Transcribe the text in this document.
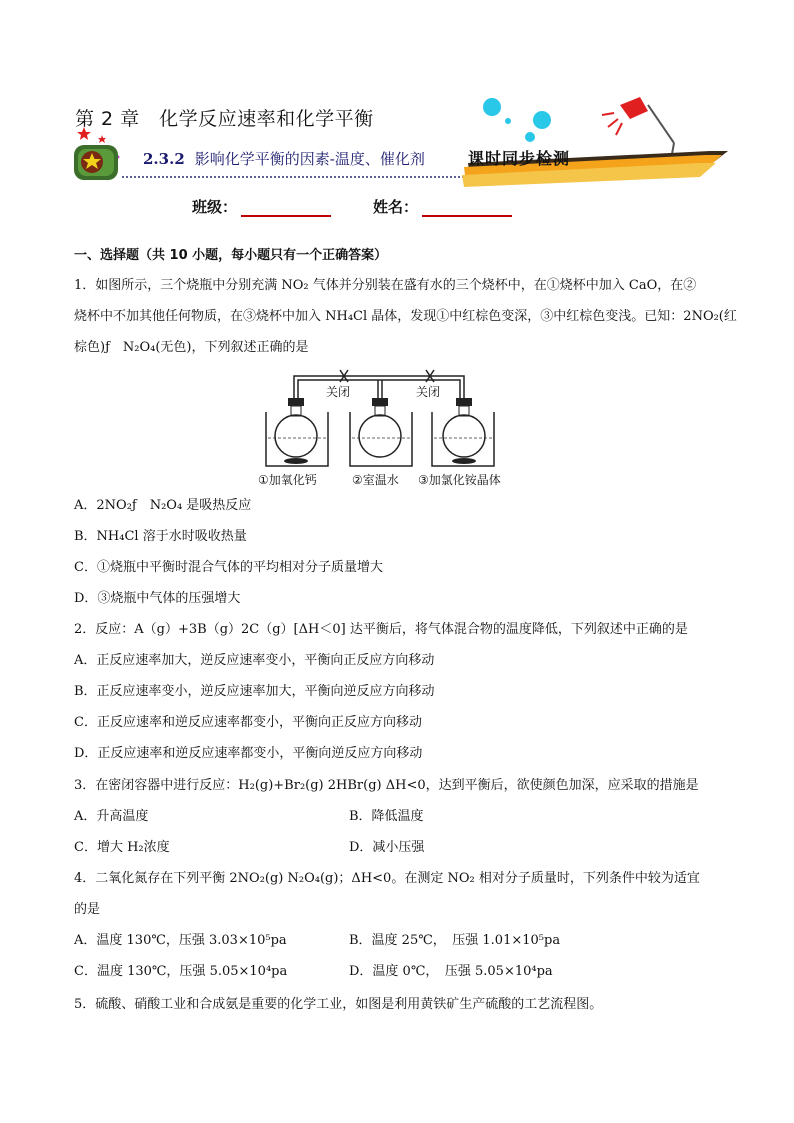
第 2 章　化学反应速率和化学平衡
2.3.2 影响化学平衡的因素-温度、催化剂	课时同步检测
班级：	姓名：
一、选择题（共 10 小题，每小题只有一个正确答案）
1．如图所示，三个烧瓶中分别充满 NO₂ 气体并分别装在盛有水的三个烧杯中，在①烧杯中加入 CaO，在②
烧杯中不加其他任何物质，在③烧杯中加入 NH₄Cl 晶体，发现①中红棕色变深，③中红棕色变浅。已知：2NO₂(红
棕色)ƒ　N₂O₄(无色)，下列叙述正确的是
关闭	关闭
①加氧化钙	②室温水 ③加氯化铵晶体
A．2NO₂ƒ　N₂O₄ 是吸热反应
B．NH₄Cl 溶于水时吸收热量
C．①烧瓶中平衡时混合气体的平均相对分子质量增大
D．③烧瓶中气体的压强增大
2．反应：A（g）+3B（g）2C（g）[ΔH＜0] 达平衡后，将气体混合物的温度降低，下列叙述中正确的是
A．正反应速率加大，逆反应速率变小，平衡向正反应方向移动
B．正反应速率变小，逆反应速率加大，平衡向逆反应方向移动
C．正反应速率和逆反应速率都变小，平衡向正反应方向移动
D．正反应速率和逆反应速率都变小，平衡向逆反应方向移动
3．在密闭容器中进行反应：H₂(g)+Br₂(g) 2HBr(g) ΔH<0，达到平衡后，欲使颜色加深，应采取的措施是
A．升高温度	B．降低温度
C．增大 H₂浓度	D．减小压强
4．二氧化氮存在下列平衡 2NO₂(g) N₂O₄(g)；ΔH<0。在测定 NO₂ 相对分子质量时，下列条件中较为适宜
的是
A．温度 130℃，压强 3.03×10⁵pa	B．温度 25℃，　压强 1.01×10⁵pa
C．温度 130℃，压强 5.05×10⁴pa	D．温度 0℃，　压强 5.05×10⁴pa
5．硫酸、硝酸工业和合成氨是重要的化学工业，如图是利用黄铁矿生产硫酸的工艺流程图。
